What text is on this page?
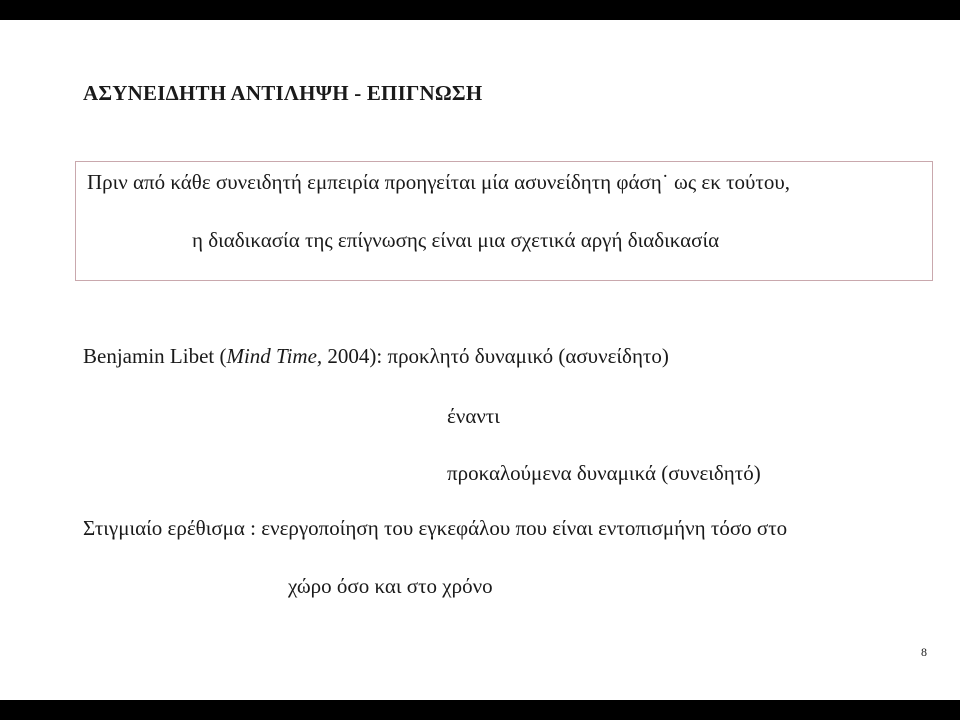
ΑΣΥΝΕΙΔΗΤΗ ΑΝΤΙΛΗΨΗ - ΕΠΙΓΝΩΣΗ
Πριν από κάθε συνειδητή εμπειρία προηγείται μία ασυνείδητη φάση˙ ως εκ τούτου,
η διαδικασία της επίγνωσης είναι μια σχετικά αργή διαδικασία
Benjamin Libet (Mind Time, 2004): προκλητό δυναμικό (ασυνείδητο)
έναντι
προκαλούμενα δυναμικά (συνειδητό)
Στιγμιαίο ερέθισμα : ενεργοποίηση του εγκεφάλου που είναι εντοπισμήνη τόσο στο
χώρο όσο και στο χρόνο
8
